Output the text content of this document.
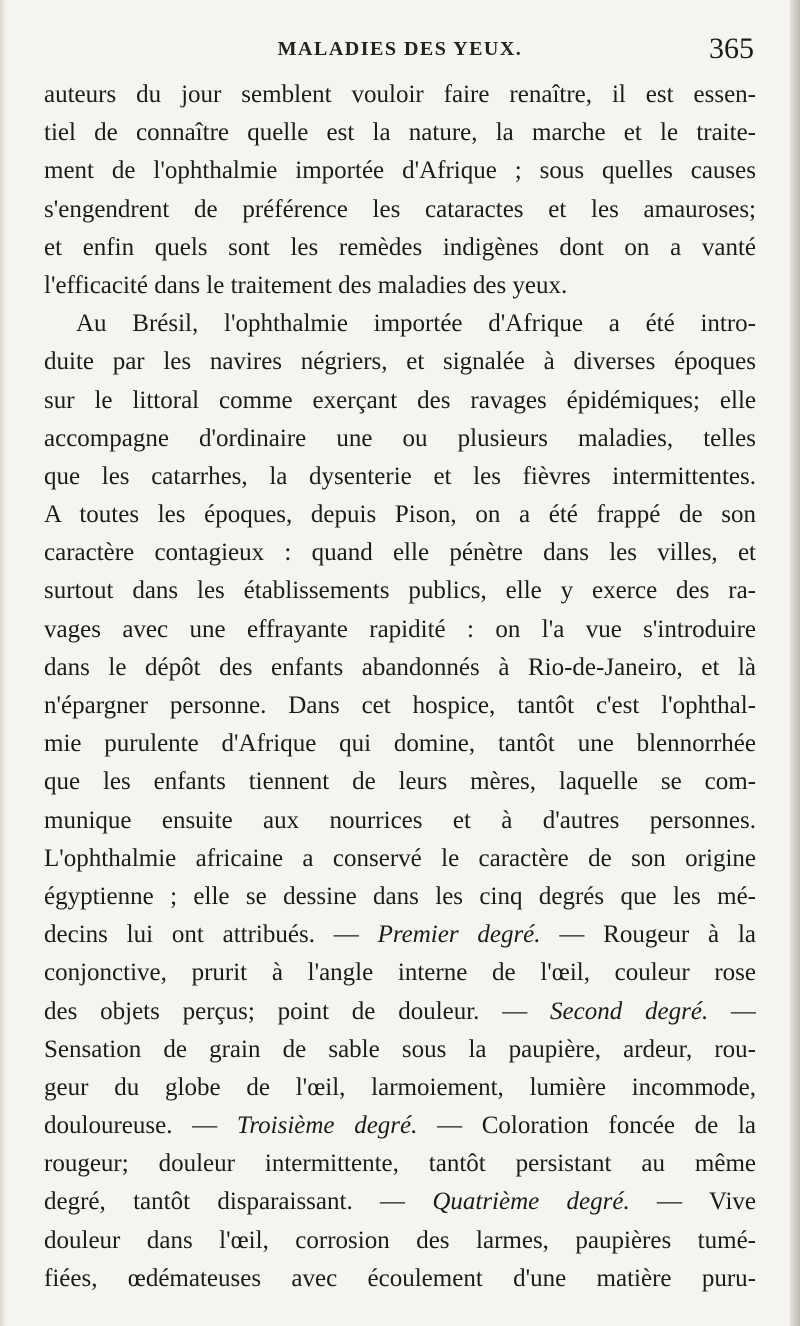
MALADIES DES YEUX.	365
auteurs du jour semblent vouloir faire renaître, il est essen-
tiel de connaître quelle est la nature, la marche et le traite-
ment de l'ophthalmie importée d'Afrique ; sous quelles causes
s'engendrent de préférence les cataractes et les amauroses;
et enfin quels sont les remèdes indigènes dont on a vanté
l'efficacité dans le traitement des maladies des yeux.
Au Brésil, l'ophthalmie importée d'Afrique a été intro-
duite par les navires négriers, et signalée à diverses époques
sur le littoral comme exerçant des ravages épidémiques; elle
accompagne d'ordinaire une ou plusieurs maladies, telles
que les catarrhes, la dysenterie et les fièvres intermittentes.
A toutes les époques, depuis Pison, on a été frappé de son
caractère contagieux : quand elle pénètre dans les villes, et
surtout dans les établissements publics, elle y exerce des ra-
vages avec une effrayante rapidité : on l'a vue s'introduire
dans le dépôt des enfants abandonnés à Rio-de-Janeiro, et là
n'épargner personne. Dans cet hospice, tantôt c'est l'ophthal-
mie purulente d'Afrique qui domine, tantôt une blennorrhée
que les enfants tiennent de leurs mères, laquelle se com-
munique ensuite aux nourrices et à d'autres personnes.
L'ophthalmie africaine a conservé le caractère de son origine
égyptienne ; elle se dessine dans les cinq degrés que les mé-
decins lui ont attribués. — Premier degré. — Rougeur à la
conjonctive, prurit à l'angle interne de l'œil, couleur rose
des objets perçus; point de douleur. — Second degré. —
Sensation de grain de sable sous la paupière, ardeur, rou-
geur du globe de l'œil, larmoiement, lumière incommode,
douloureuse. — Troisième degré. — Coloration foncée de la
rougeur; douleur intermittente, tantôt persistant au même
degré, tantôt disparaissant. — Quatrième degré. — Vive
douleur dans l'œil, corrosion des larmes, paupières tumé-
fiées, œdémateuses avec écoulement d'une matière puru-
